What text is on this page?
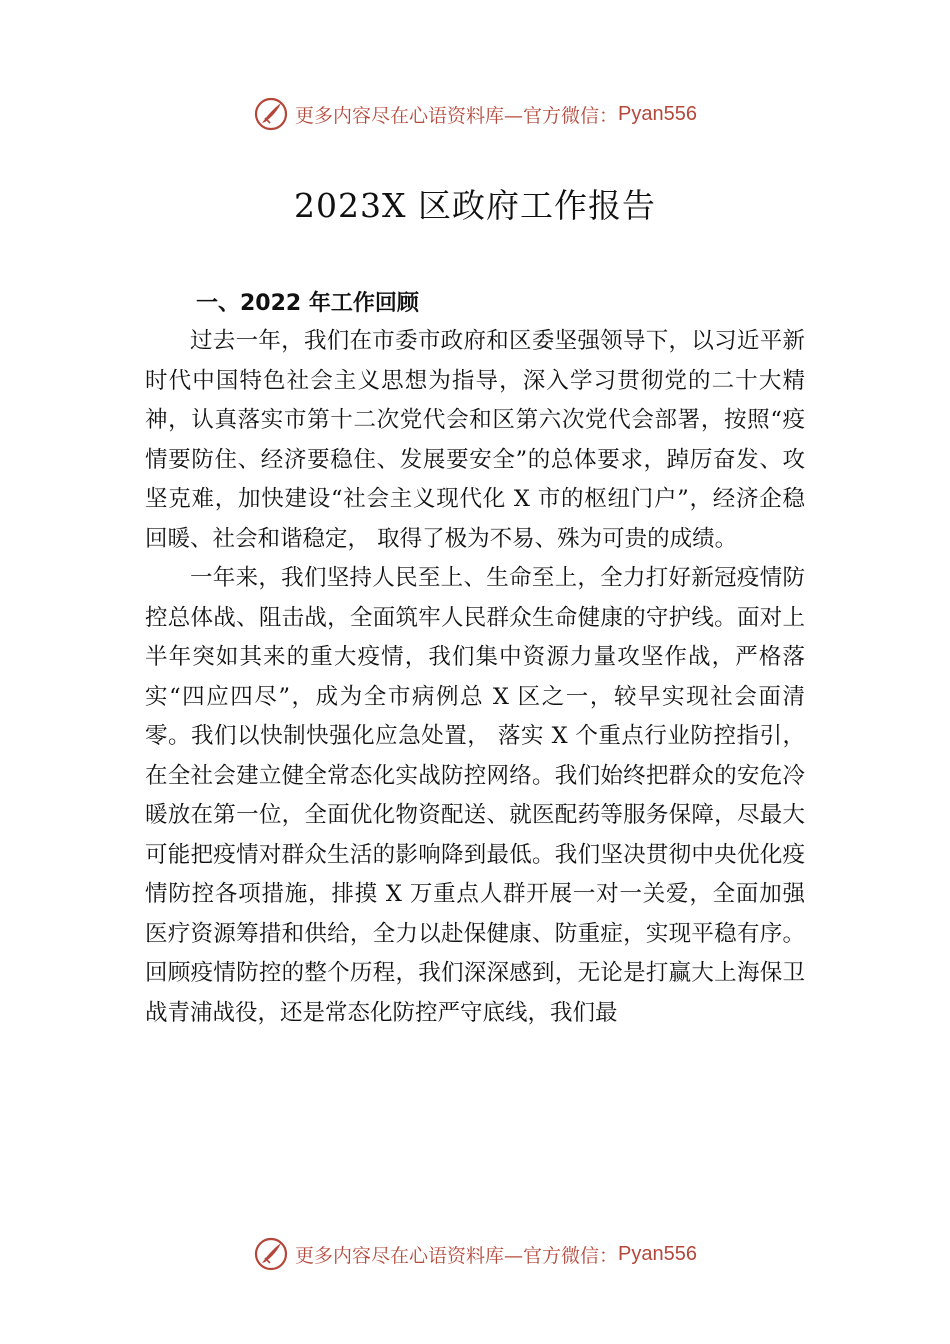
更多内容尽在心语资料库—官方微信： Pyan556
2023X 区政府工作报告
一、2022 年工作回顾

过去一年，我们在市委市政府和区委坚强领导下，以习近平新时代中国特色社会主义思想为指导，深入学习贯彻党的二十大精神，认真落实市第十二次党代会和区第六次党代会部署，按照“疫情要防住、经济要稳住、发展要安全”的总体要求，踔厉奋发、攻坚克难，加快建设“社会主义现代化 X 市的枢纽门户”，经济企稳回暖、社会和谐稳定， 取得了极为不易、殊为可贵的成绩。

一年来，我们坚持人民至上、生命至上，全力打好新冠疫情防控总体战、阻击战，全面筑牢人民群众生命健康的守护线。面对上半年突如其来的重大疫情，我们集中资源力量攻坚作战，严格落实“四应四尽”，成为全市病例总 X 区之一，较早实现社会面清零。我们以快制快强化应急处置， 落实 X 个重点行业防控指引，在全社会建立健全常态化实战防控网络。我们始终把群众的安危冷暖放在第一位，全面优化物资配送、就医配药等服务保障，尽最大可能把疫情对群众生活的影响降到最低。我们坚决贯彻中央优化疫情防控各项措施，排摸 X 万重点人群开展一对一关爱，全面加强医疗资源筹措和供给，全力以赴保健康、防重症，实现平稳有序。回顾疫情防控的整个历程，我们深深感到，无论是打赢大上海保卫战青浦战役，还是常态化防控严守底线，我们最

更多内容尽在心语资料库—官方微信： Pyan556
